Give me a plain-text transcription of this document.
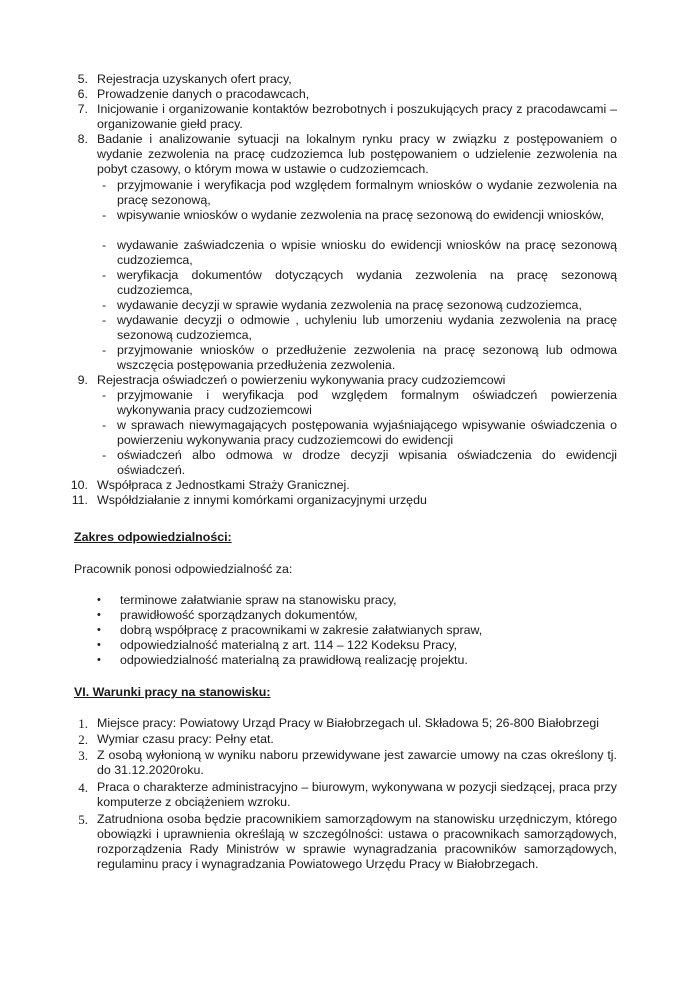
5. Rejestracja uzyskanych ofert pracy,
6. Prowadzenie danych o pracodawcach,
7. Inicjowanie i organizowanie kontaktów bezrobotnych i poszukujących pracy z pracodawcami – organizowanie giełd pracy.
8. Badanie i analizowanie sytuacji na lokalnym rynku pracy w związku z postępowaniem o wydanie zezwolenia na pracę cudzoziemca lub postępowaniem o udzielenie zezwolenia na pobyt czasowy, o którym mowa w ustawie o cudzoziemcach.
- przyjmowanie i weryfikacja pod względem formalnym wniosków o wydanie zezwolenia na pracę sezonową,
- wpisywanie wniosków o wydanie zezwolenia na pracę sezonową do ewidencji wniosków,
- wydawanie zaświadczenia o wpisie wniosku do ewidencji wniosków na pracę sezonową cudzoziemca,
- weryfikacja dokumentów dotyczących wydania zezwolenia na pracę sezonową cudzoziemca,
- wydawanie decyzji w sprawie wydania zezwolenia na pracę sezonową cudzoziemca,
- wydawanie decyzji o odmowie , uchyleniu lub umorzeniu wydania zezwolenia na pracę sezonową cudzoziemca,
- przyjmowanie wniosków o przedłużenie zezwolenia na pracę sezonową lub odmowa wszczęcia postępowania przedłużenia zezwolenia.
9. Rejestracja oświadczeń o powierzeniu wykonywania pracy cudzoziemcowi
- przyjmowanie i weryfikacja pod względem formalnym oświadczeń powierzenia wykonywania pracy cudzoziemcowi
- w sprawach niewymagających postępowania wyjaśniającego wpisywanie oświadczenia o powierzeniu wykonywania pracy cudzoziemcowi do ewidencji
- oświadczeń albo odmowa w drodze decyzji wpisania oświadczenia do ewidencji oświadczeń.
10. Współpraca z Jednostkami Straży Granicznej.
11. Współdziałanie z innymi komórkami organizacyjnymi urzędu
Zakres odpowiedzialności:
Pracownik ponosi odpowiedzialność za:
•	terminowe załatwianie spraw na stanowisku pracy,
•	prawidłowość sporządzanych dokumentów,
•	dobrą współpracę z pracownikami w zakresie załatwianych spraw,
•	odpowiedzialność materialną z art. 114 – 122 Kodeksu Pracy,
•	odpowiedzialność materialną za prawidłową realizację projektu.
VI. Warunki pracy na stanowisku:
1. Miejsce pracy: Powiatowy Urząd Pracy w Białobrzegach ul. Składowa 5; 26-800 Białobrzegi
2. Wymiar czasu pracy: Pełny etat.
3. Z osobą wyłonioną w wyniku naboru przewidywane jest zawarcie umowy na czas określony tj. do 31.12.2020roku.
4. Praca o charakterze administracyjno – biurowym, wykonywana w pozycji siedzącej, praca przy komputerze z obciążeniem wzroku.
5. Zatrudniona osoba będzie pracownikiem samorządowym na stanowisku urzędniczym, którego obowiązki i uprawnienia określają w szczególności: ustawa o pracownikach samorządowych, rozporządzenia Rady Ministrów w sprawie wynagradzania pracowników samorządowych, regulaminu pracy i wynagradzania Powiatowego Urzędu Pracy w Białobrzegach.
